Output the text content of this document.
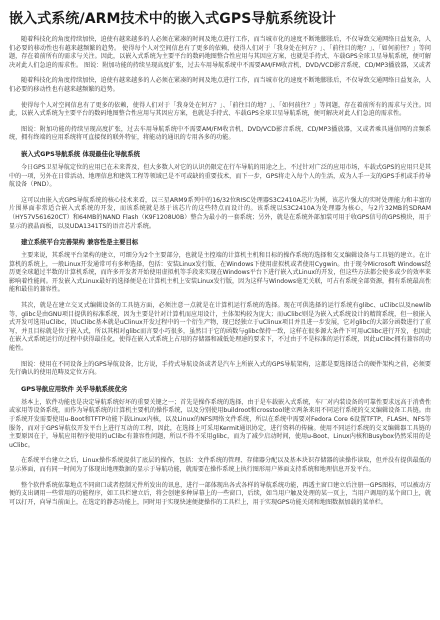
嵌入式系统/ARM技术中的嵌入式GPS导航系统设计

随着科技化的角度持续加快，迫使有越来越多的人必须在紧凑的时间及地点进行工作，而当城市化的速度不断地膨胀后，不仅导致交通网络日益复杂，人们必要的移动性也有越来越频繁的趋势。 使得每个人对空间信息有了更多的依赖，使得人们对于「我身处在何方？」、「前往目的地？」、「如何前往？」等问题，存在着前所有的需求与关注。因此，以嵌入式系统为主要平台的数码地图整合性应用与其因应方案，也就是手持式、车载GPS全球卫星导航系统，便可解决对此人们急迫的需求性。 图说：附加功能的持续呈现高度扩张，过去车用导航系统中不需要AM/FM收音机、DVD/VCD影音系统、CD/MP3播放器，又或者

随着科技化的角度持续加快，迫使有越来越多的人必须在紧凑的时间及地点进行工作，而当城市化的速度不断地膨胀后，不仅导致交通网络日益复杂，人们必要的移动性也有越来越频繁的趋势。

使得每个人对空间信息有了更多的依赖，使得人们对于「我身处在何方？」、「前往目的地？」、「如何前往？」等问题，存在着前所有的需求与关注。因此，以嵌入式系统为主要平台的数码地图整合性应用与其因应方案，也就是手持式、车载GPS全球卫星导航系统，便可解决对此人们急迫的需求性。

图说：附加功能的持续呈现高度扩张，过去车用导航系统中不需要AM/FM收音机、DVD/VCD影音系统、CD/MP3播放器，又或者乘具通信网的音频系统，拥有终端的应用系统将可直接保的联外特征，将能动的通讯的专用各多的功能。

嵌入式GPS导航系统 体现最佳化导航系统

今日GPS卫星导航定位的应用已在未来普及，但大多数人对它的认识仍限定在行车导航的用途之上，不过针对广泛的应用市场，车载式GPS的应用只是其中的一项，另外在日常活动、地理信息和建筑工程等领域已是不可或缺的重要技术，而下一步，GPS将走入每个人的生活，成为人手一支的GPS手机或手持导航设备（PND）。

这可以由嵌入式GPS导航系统的核心技术来看，以三星ARM9系列中的16/32位RISC处理器S3C2410A芯片为例，该芯片强大的实时处理能力和丰富的片围界面非常适合嵌入式系统的开发，而该系统就是基于该芯片的这些特点而设计的。该系统以S3C2410A为处理器为核心，与2片32MB的SDRAM（HY57V561620CT）和64MB的NAND Flash（K9F1208U0B）整合为最小的一套系统；另外，就是在系统外部加装可用于收GPS信号的GPS模块，用于显示的液晶面板，以及UDA1341TS的语音芯片系统。

建立系统平台完善架构 兼容性是主要目标

主要来说，其系统平台架构的建立，可细分为2个主要部分，也就是主控端的计算机主机和目标的操作系统的选择和交叉编辑设备与工具链的建立。在计算机的系统上，一般Linux开发通常可有多种选择，包括：安装Linux发行版、在Windows下使用虚拟机或者使用Cygwin。由于现今Microsoft Windows经历更全球超过半数的计算机系统，而许多开发者开始使用虚拟机等手段来实现在Windows平台下进行嵌入式Linux的开发，但这些方法都会使多或少的效率来影响着性能间。开发嵌入式Linux最好的选择便是在计算机主机上安装Linux发行版，因为这样与Windows毫无关联，可占有系统全部资源，拥有系统最高性能和最佳的兼容性。

其次，就是在建立交叉式编辑设备的工具链方面，必须注意一点就是在计算机运行系统的选择。现在可供选择的运行系统有glibc、uClibc以及newlib等，glibc是由GNU项目提供的标准系统，因为主要是针对计算机而应用设计，主体架构较为庞大；而uClibc则是为嵌入式系统设计的精简系统，但一般嵌入式开发可选用uClibc，因uClibc基本就是uClinux开发过程中的一个衍生产物，现已经独立于uClinux项目并且进一步发展，它对glibc的大部分函数进行了重写，并且目标就是位于嵌入式，所以其相对glibc而言要小巧很多，虽然目于它的函数与glibc保持一致，这样在很多源大条件下可用uClibc进行开发，也因此在嵌入式系统运行的过程中获得最佳化，使得在嵌入式系统上占用的存储器和减低处理速的要求下，不过由于不是标准的运行系统，因此uClibc拥有兼容的功能性。

图说：使用在不同设备上的GPS导航设备，比方说，手持式导航设备或者是汽车上所嵌入式的GPS导航架构，这都是要选择适合的硬件架构之前，必须要先行确认的使用范畴及定位方向。

GPS导航应用软件 关乎导航系统优劣

基本上，软件功能也是决定导航系统好坏的重要关键之一；首先是操作系统的选择，由于是车载嵌入式系统，车厂对内装设备的可靠性要求远高于消费性或家用等设备系统，而作为导航系统的计算机主要机的操作系统，以及分别使用buildroot和crosstool建立两条来用不同运行系统的交叉编辑设备工具链。由于系统开发需要使用u-Boot和TFTP功能下载Linux内核，以及Linux的NFS网络文件系统，所以在系统中需要对Fedora Core 6设置TFTP、FLASH、NFS等服务，而对于GPS导航仪开发平台上进行互动的工程，因此，在选择上可采用Kermit通讯协定，进行资料的传输。使用不同运行系统的交叉编辑器工具链的主要原因在于，导航应用程序使用的uClibc有兼容性问题，所以不得不采用glibc，而为了减少启动时间，使用u-Boot、Linux内核和Busybox仍然采用的是uClibc。

在系统平台建立之后，Linux操作系统提供了底层的操作，包括：文件系统的管理、存储器分配以及基本块识存储器的读操作读取，但并没有提供最低的显示界面，而有同一时间为了体现出地理数据的显示于导航功能，就需要在操作系统上执行图形用户界面支持系统和地理信息开发平台。

整个软件系统依靠地点不同窗口或者控制元件所发出的讯息，进行一部体现出各式各样的导航系统功能，再透主窗口建立后注册一GPS图标，可以被动方便的支出调用一些常用的功能程序，如工具栏建立后，将会创建多种屏幕上的一些窗口，后续，如当用户触及处理的某一页上，当用户调用的某个窗口上，就可以打开，向导当前面上，在选定的静态功能上，同时用于实现快速便捷操作的工具栏上，用于实现GPS功能关闭和地图数据加载的菜单栏。
